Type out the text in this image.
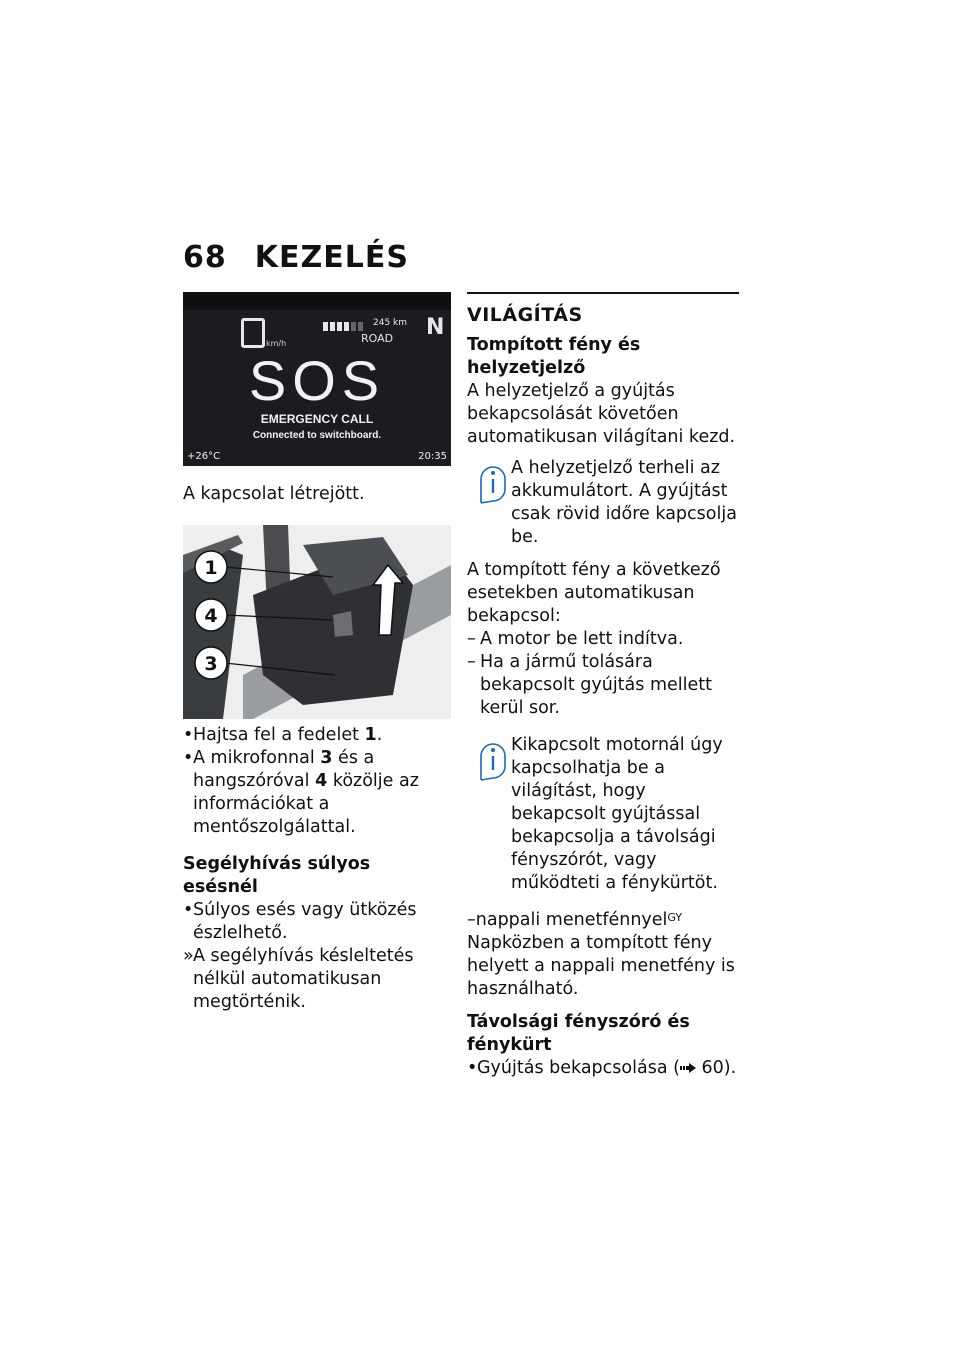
68 KEZELÉS
km/h
245 km
ROAD N
SOS
EMERGENCY CALL
Connected to switchboard.
+26°C	20:35
A kapcsolat létrejött.
1
4
3
• Hajtsa fel a fedelet 1.
• A mikrofonnal 3 és a hangszóróval 4 közölje az információkat a mentőszolgálattal.
Segélyhívás súlyos esésnél
• Súlyos esés vagy ütközés észlelhető.
» A segélyhívás késleltetés nélkül automatikusan megtörténik.
VILÁGÍTÁS
Tompított fény és helyzetjelző
A helyzetjelző a gyújtás bekapcsolását követően automatikusan világítani kezd.
A helyzetjelző terheli az akkumulátort. A gyújtást csak rövid időre kapcsolja be.
A tompított fény a következő esetekben automatikusan bekapcsol:
– A motor be lett indítva.
– Ha a jármű tolására bekapcsolt gyújtás mellett kerül sor.
Kikapcsolt motornál úgy kapcsolhatja be a világítást, hogy bekapcsolt gyújtással bekapcsolja a távolsági fényszórót, vagy működteti a fénykürtöt.
–nappali menetfénnyel$^{GY}$
Napközben a tompított fény helyett a nappali menetfény is használható.
Távolsági fényszóró és fénykürt
• Gyújtás bekapcsolása ( 60).
